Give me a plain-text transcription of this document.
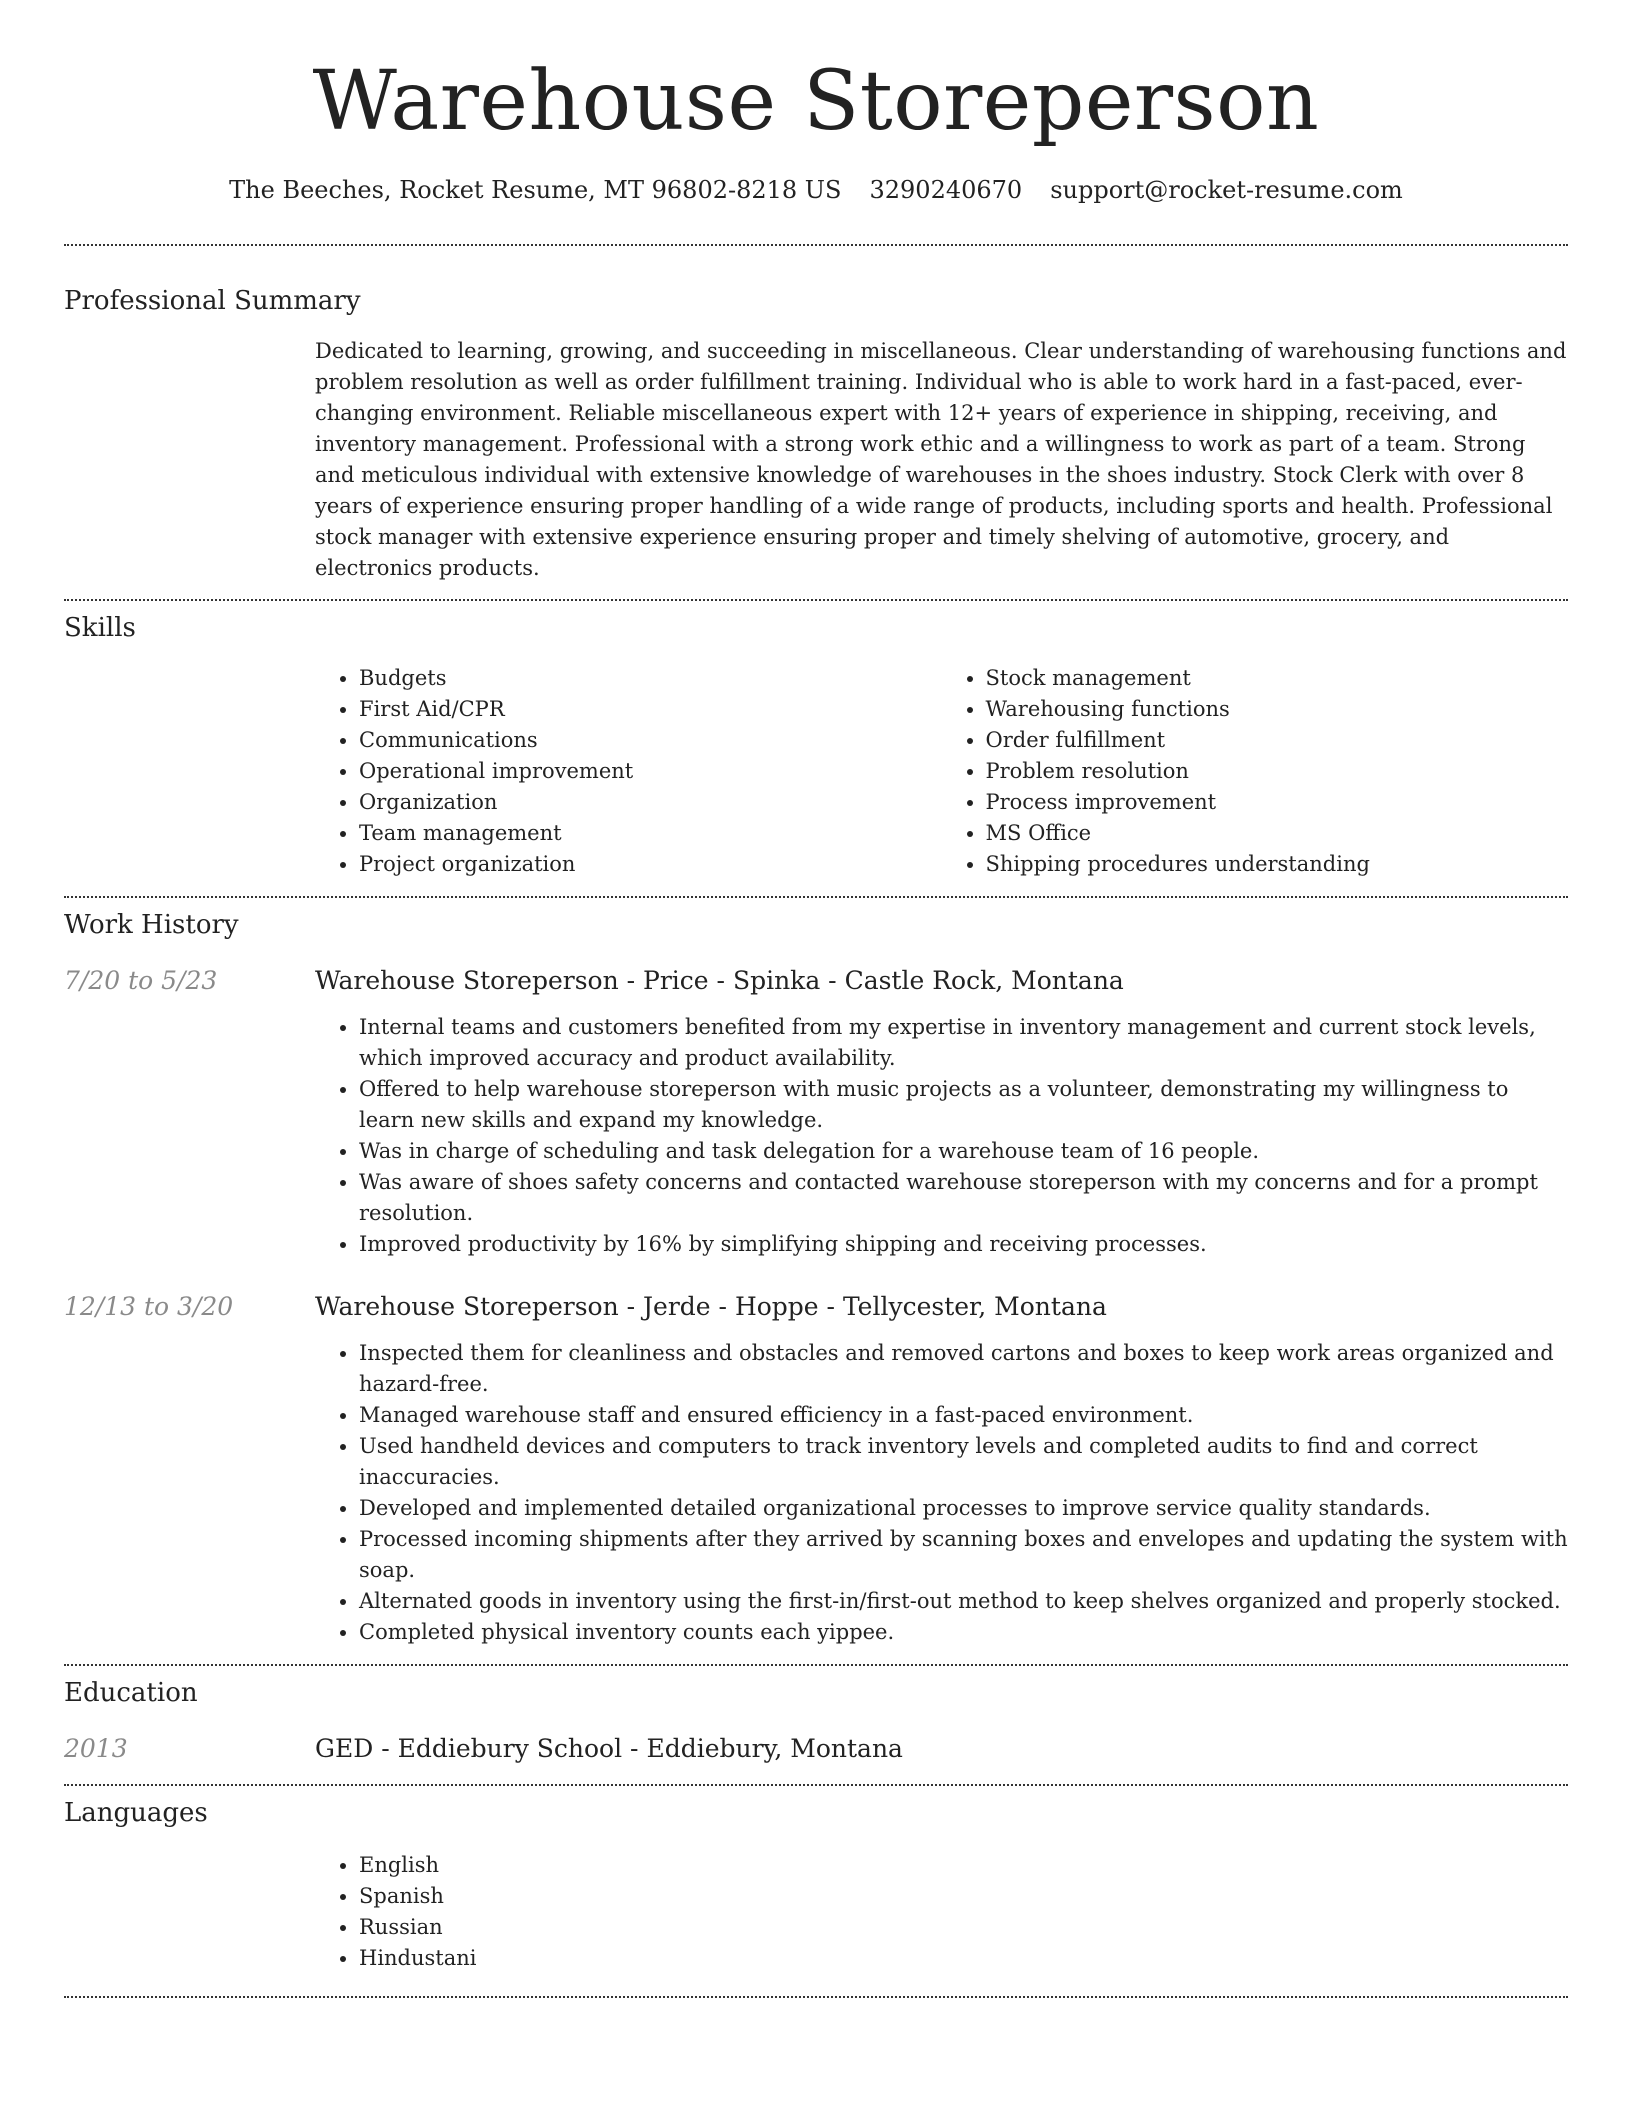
Warehouse Storeperson
The Beeches, Rocket Resume, MT 96802-8218 US 3290240670 support@rocket-resume.com
Professional Summary
Dedicated to learning, growing, and succeeding in miscellaneous. Clear understanding of warehousing functions and problem resolution as well as order fulfillment training. Individual who is able to work hard in a fast-paced, ever-changing environment. Reliable miscellaneous expert with 12+ years of experience in shipping, receiving, and inventory management. Professional with a strong work ethic and a willingness to work as part of a team. Strong and meticulous individual with extensive knowledge of warehouses in the shoes industry. Stock Clerk with over 8 years of experience ensuring proper handling of a wide range of products, including sports and health. Professional stock manager with extensive experience ensuring proper and timely shelving of automotive, grocery, and electronics products.
Skills
• Budgets
• First Aid/CPR
• Communications
• Operational improvement
• Organization
• Team management
• Project organization
• Stock management
• Warehousing functions
• Order fulfillment
• Problem resolution
• Process improvement
• MS Office
• Shipping procedures understanding
Work History
7/20 to 5/23	Warehouse Storeperson - Price - Spinka - Castle Rock, Montana
• Internal teams and customers benefited from my expertise in inventory management and current stock levels, which improved accuracy and product availability.
• Offered to help warehouse storeperson with music projects as a volunteer, demonstrating my willingness to learn new skills and expand my knowledge.
• Was in charge of scheduling and task delegation for a warehouse team of 16 people.
• Was aware of shoes safety concerns and contacted warehouse storeperson with my concerns and for a prompt resolution.
• Improved productivity by 16% by simplifying shipping and receiving processes.
12/13 to 3/20	Warehouse Storeperson - Jerde - Hoppe - Tellycester, Montana
• Inspected them for cleanliness and obstacles and removed cartons and boxes to keep work areas organized and hazard-free.
• Managed warehouse staff and ensured efficiency in a fast-paced environment.
• Used handheld devices and computers to track inventory levels and completed audits to find and correct inaccuracies.
• Developed and implemented detailed organizational processes to improve service quality standards.
• Processed incoming shipments after they arrived by scanning boxes and envelopes and updating the system with soap.
• Alternated goods in inventory using the first-in/first-out method to keep shelves organized and properly stocked.
• Completed physical inventory counts each yippee.
Education
2013	GED - Eddiebury School - Eddiebury, Montana
Languages
• English
• Spanish
• Russian
• Hindustani
